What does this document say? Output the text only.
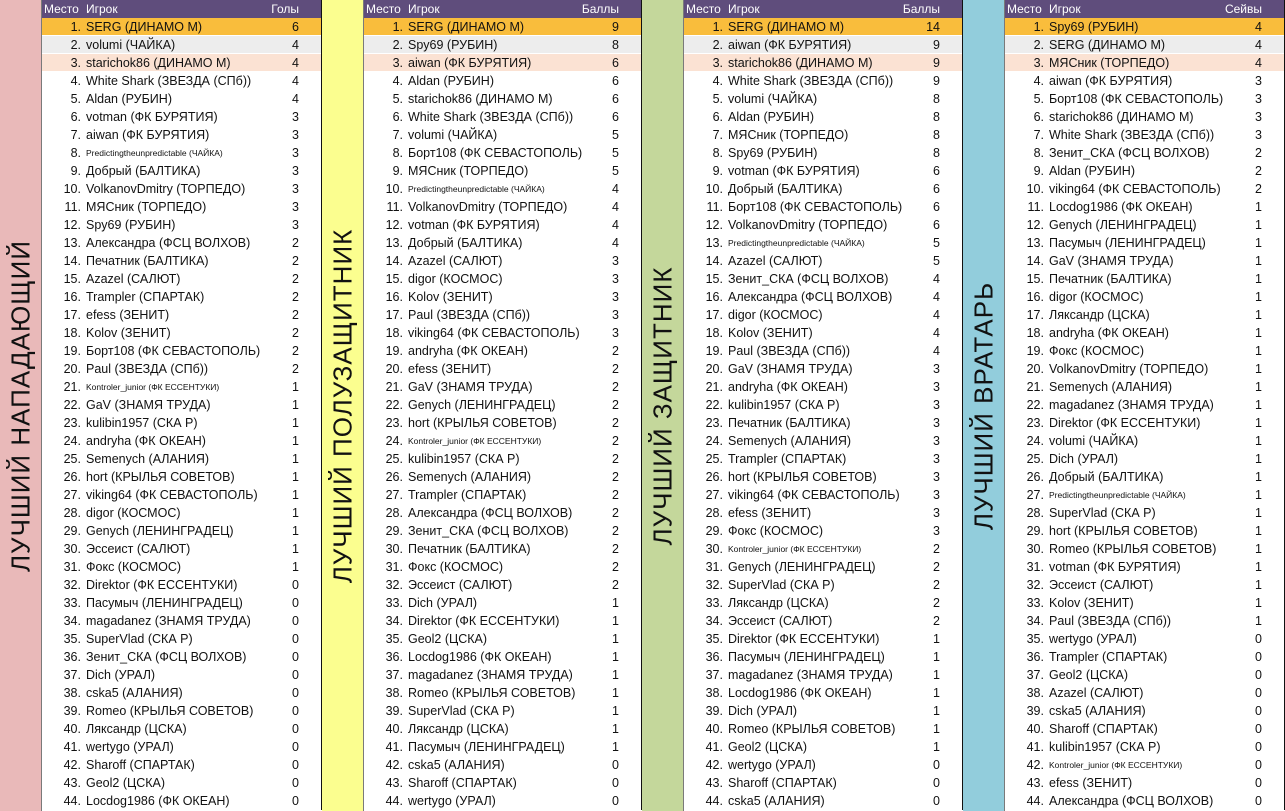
ЛУЧШИЙ НАПАДАЮЩИЙ
Место Игрок	Голы
1. SERG (ДИНАМО М)	6
2. volumi (ЧАЙКА)	4
3. starichok86 (ДИНАМО М)	4
4. White Shark (ЗВЕЗДА (СПб))	4
5. Aldan (РУБИН)	4
6. votman (ФК БУРЯТИЯ)	3
7. aiwan (ФК БУРЯТИЯ)	3
8. Predictingtheunpredictable (ЧАЙКА)	3
9. Добрый (БАЛТИКА)	3
10. VolkanovDmitry (ТОРПЕДО)	3
11. МЯСник (ТОРПЕДО)	3
12. Spy69 (РУБИН)	3
13. Александра (ФСЦ ВОЛХОВ)	2
14. Печатник (БАЛТИКА)	2
15. Azazel (САЛЮТ)	2
16. Trampler (СПАРТАК)	2
17. efess (ЗЕНИТ)	2
18. Kolov (ЗЕНИТ)	2
19. Борт108 (ФК СЕВАСТОПОЛЬ)	2
20. Paul (ЗВЕЗДА (СПб))	2
21. Kontroler_junior (ФК ЕССЕНТУКИ)	1
22. GaV (ЗНАМЯ ТРУДА)	1
23. kulibin1957 (СКА Р)	1
24. andryha (ФК ОКЕАН)	1
25. Semenych (АЛАНИЯ)	1
26. hort (КРЫЛЬЯ СОВЕТОВ)	1
27. viking64 (ФК СЕВАСТОПОЛЬ)	1
28. digor (КОСМОС)	1
29. Genych (ЛЕНИНГРАДЕЦ)	1
30. Эссеист (САЛЮТ)	1
31. Фокс (КОСМОС)	1
32. Direktor (ФК ЕССЕНТУКИ)	0
33. Пасумыч (ЛЕНИНГРАДЕЦ)	0
34. magadanez (ЗНАМЯ ТРУДА)	0
35. SuperVlad (СКА Р)	0
36. Зенит_СКА (ФСЦ ВОЛХОВ)	0
37. Dich (УРАЛ)	0
38. cska5 (АЛАНИЯ)	0
39. Romeo (КРЫЛЬЯ СОВЕТОВ)	0
40. Ляксандр (ЦСКА)	0
41. wertygo (УРАЛ)	0
42. Sharoff (СПАРТАК)	0
43. Geol2 (ЦСКА)	0
44. Locdog1986 (ФК ОКЕАН)	0
ЛУЧШИЙ ПОЛУЗАЩИТНИК
Место Игрок	Баллы
1. SERG (ДИНАМО М)	9
2. Spy69 (РУБИН)	8
3. aiwan (ФК БУРЯТИЯ)	6
4. Aldan (РУБИН)	6
5. starichok86 (ДИНАМО М)	6
6. White Shark (ЗВЕЗДА (СПб))	6
7. volumi (ЧАЙКА)	5
8. Борт108 (ФК СЕВАСТОПОЛЬ)	5
9. МЯСник (ТОРПЕДО)	5
10. Predictingtheunpredictable (ЧАЙКА)	4
11. VolkanovDmitry (ТОРПЕДО)	4
12. votman (ФК БУРЯТИЯ)	4
13. Добрый (БАЛТИКА)	4
14. Azazel (САЛЮТ)	3
15. digor (КОСМОС)	3
16. Kolov (ЗЕНИТ)	3
17. Paul (ЗВЕЗДА (СПб))	3
18. viking64 (ФК СЕВАСТОПОЛЬ)	3
19. andryha (ФК ОКЕАН)	2
20. efess (ЗЕНИТ)	2
21. GaV (ЗНАМЯ ТРУДА)	2
22. Genych (ЛЕНИНГРАДЕЦ)	2
23. hort (КРЫЛЬЯ СОВЕТОВ)	2
24. Kontroler_junior (ФК ЕССЕНТУКИ)	2
25. kulibin1957 (СКА Р)	2
26. Semenych (АЛАНИЯ)	2
27. Trampler (СПАРТАК)	2
28. Александра (ФСЦ ВОЛХОВ)	2
29. Зенит_СКА (ФСЦ ВОЛХОВ)	2
30. Печатник (БАЛТИКА)	2
31. Фокс (КОСМОС)	2
32. Эссеист (САЛЮТ)	2
33. Dich (УРАЛ)	1
34. Direktor (ФК ЕССЕНТУКИ)	1
35. Geol2 (ЦСКА)	1
36. Locdog1986 (ФК ОКЕАН)	1
37. magadanez (ЗНАМЯ ТРУДА)	1
38. Romeo (КРЫЛЬЯ СОВЕТОВ)	1
39. SuperVlad (СКА Р)	1
40. Ляксандр (ЦСКА)	1
41. Пасумыч (ЛЕНИНГРАДЕЦ)	1
42. cska5 (АЛАНИЯ)	0
43. Sharoff (СПАРТАК)	0
44. wertygo (УРАЛ)	0
ЛУЧШИЙ ЗАЩИТНИК
Место Игрок	Баллы
1. SERG (ДИНАМО М)	14
2. aiwan (ФК БУРЯТИЯ)	9
3. starichok86 (ДИНАМО М)	9
4. White Shark (ЗВЕЗДА (СПб))	9
5. volumi (ЧАЙКА)	8
6. Aldan (РУБИН)	8
7. МЯСник (ТОРПЕДО)	8
8. Spy69 (РУБИН)	8
9. votman (ФК БУРЯТИЯ)	6
10. Добрый (БАЛТИКА)	6
11. Борт108 (ФК СЕВАСТОПОЛЬ)	6
12. VolkanovDmitry (ТОРПЕДО)	6
13. Predictingtheunpredictable (ЧАЙКА)	5
14. Azazel (САЛЮТ)	5
15. Зенит_СКА (ФСЦ ВОЛХОВ)	4
16. Александра (ФСЦ ВОЛХОВ)	4
17. digor (КОСМОС)	4
18. Kolov (ЗЕНИТ)	4
19. Paul (ЗВЕЗДА (СПб))	4
20. GaV (ЗНАМЯ ТРУДА)	3
21. andryha (ФК ОКЕАН)	3
22. kulibin1957 (СКА Р)	3
23. Печатник (БАЛТИКА)	3
24. Semenych (АЛАНИЯ)	3
25. Trampler (СПАРТАК)	3
26. hort (КРЫЛЬЯ СОВЕТОВ)	3
27. viking64 (ФК СЕВАСТОПОЛЬ)	3
28. efess (ЗЕНИТ)	3
29. Фокс (КОСМОС)	3
30. Kontroler_junior (ФК ЕССЕНТУКИ)	2
31. Genych (ЛЕНИНГРАДЕЦ)	2
32. SuperVlad (СКА Р)	2
33. Ляксандр (ЦСКА)	2
34. Эссеист (САЛЮТ)	2
35. Direktor (ФК ЕССЕНТУКИ)	1
36. Пасумыч (ЛЕНИНГРАДЕЦ)	1
37. magadanez (ЗНАМЯ ТРУДА)	1
38. Locdog1986 (ФК ОКЕАН)	1
39. Dich (УРАЛ)	1
40. Romeo (КРЫЛЬЯ СОВЕТОВ)	1
41. Geol2 (ЦСКА)	1
42. wertygo (УРАЛ)	0
43. Sharoff (СПАРТАК)	0
44. cska5 (АЛАНИЯ)	0
ЛУЧШИЙ ВРАТАРЬ
Место Игрок	Сейвы
1. Spy69 (РУБИН)	4
2. SERG (ДИНАМО М)	4
3. МЯСник (ТОРПЕДО)	4
4. aiwan (ФК БУРЯТИЯ)	3
5. Борт108 (ФК СЕВАСТОПОЛЬ)	3
6. starichok86 (ДИНАМО М)	3
7. White Shark (ЗВЕЗДА (СПб))	3
8. Зенит_СКА (ФСЦ ВОЛХОВ)	2
9. Aldan (РУБИН)	2
10. viking64 (ФК СЕВАСТОПОЛЬ)	2
11. Locdog1986 (ФК ОКЕАН)	1
12. Genych (ЛЕНИНГРАДЕЦ)	1
13. Пасумыч (ЛЕНИНГРАДЕЦ)	1
14. GaV (ЗНАМЯ ТРУДА)	1
15. Печатник (БАЛТИКА)	1
16. digor (КОСМОС)	1
17. Ляксандр (ЦСКА)	1
18. andryha (ФК ОКЕАН)	1
19. Фокс (КОСМОС)	1
20. VolkanovDmitry (ТОРПЕДО)	1
21. Semenych (АЛАНИЯ)	1
22. magadanez (ЗНАМЯ ТРУДА)	1
23. Direktor (ФК ЕССЕНТУКИ)	1
24. volumi (ЧАЙКА)	1
25. Dich (УРАЛ)	1
26. Добрый (БАЛТИКА)	1
27. Predictingtheunpredictable (ЧАЙКА)	1
28. SuperVlad (СКА Р)	1
29. hort (КРЫЛЬЯ СОВЕТОВ)	1
30. Romeo (КРЫЛЬЯ СОВЕТОВ)	1
31. votman (ФК БУРЯТИЯ)	1
32. Эссеист (САЛЮТ)	1
33. Kolov (ЗЕНИТ)	1
34. Paul (ЗВЕЗДА (СПб))	1
35. wertygo (УРАЛ)	0
36. Trampler (СПАРТАК)	0
37. Geol2 (ЦСКА)	0
38. Azazel (САЛЮТ)	0
39. cska5 (АЛАНИЯ)	0
40. Sharoff (СПАРТАК)	0
41. kulibin1957 (СКА Р)	0
42. Kontroler_junior (ФК ЕССЕНТУКИ)	0
43. efess (ЗЕНИТ)	0
44. Александра (ФСЦ ВОЛХОВ)	0
